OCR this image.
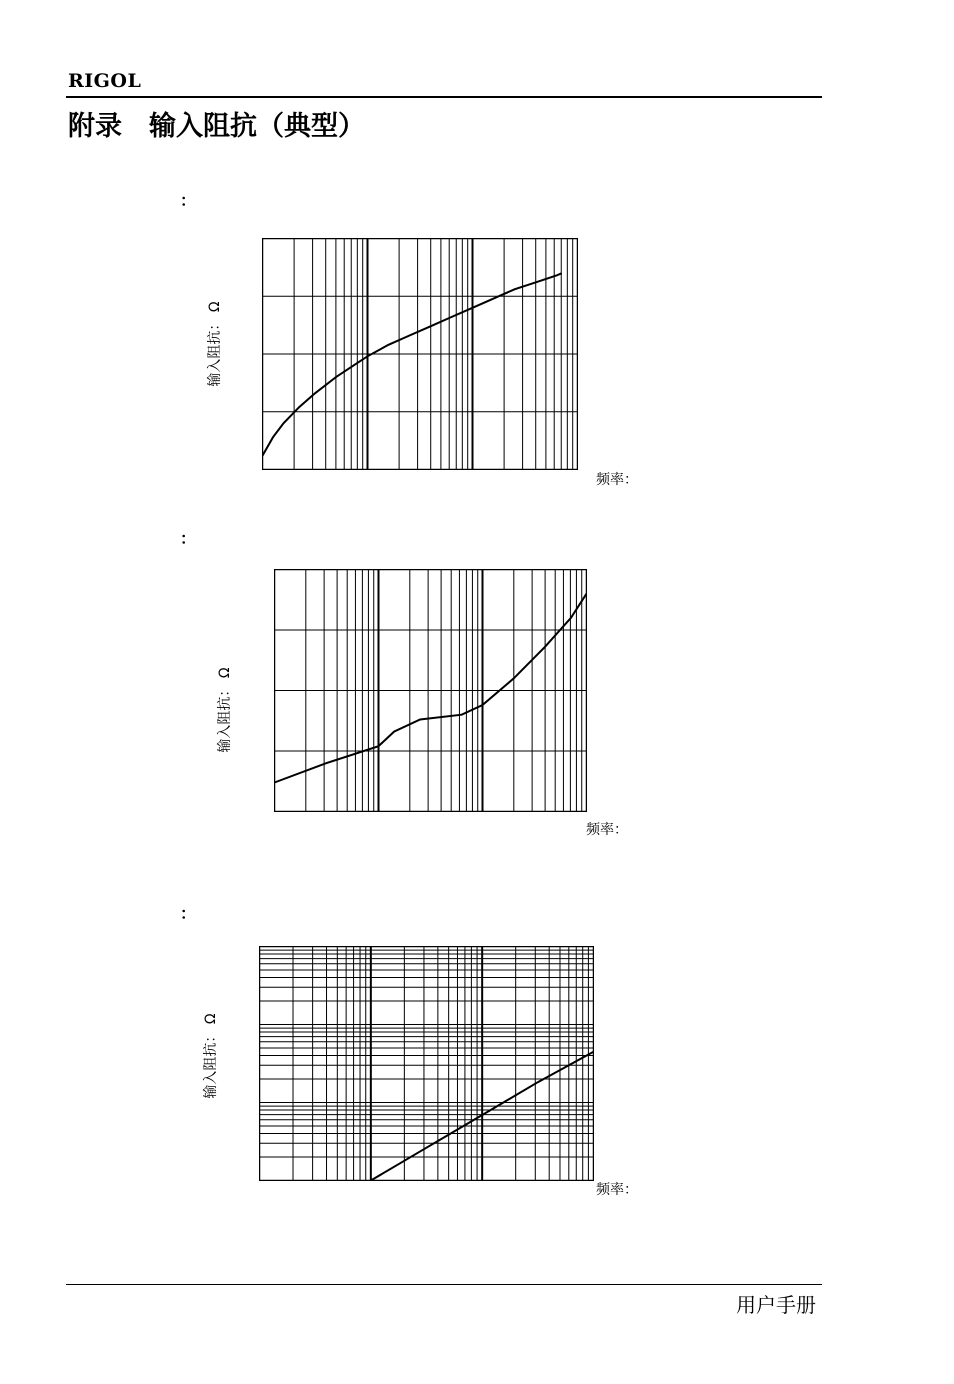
RIGOL
附录　输入阻抗（典型）
：
输入阻抗： Ω
频率：
：
输入阻抗： Ω
频率：
：
输入阻抗： Ω
频率：
用户手册
